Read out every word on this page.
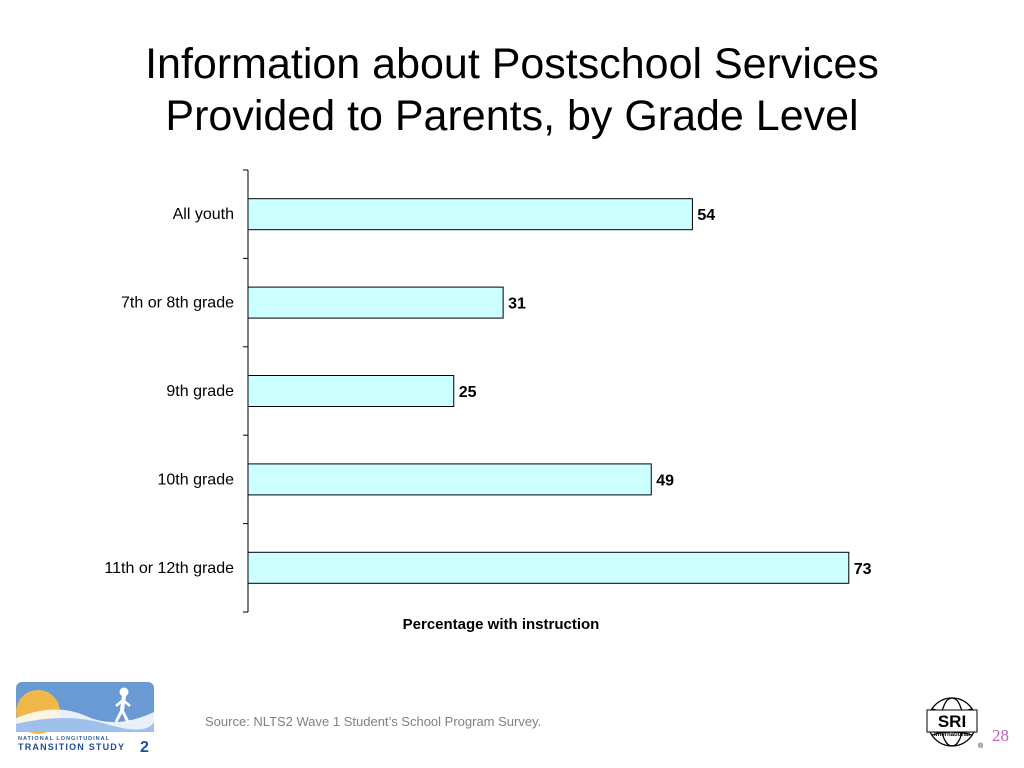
Information about Postschool Services
Provided to Parents, by Grade Level
All youth	54
7th or 8th grade	31
9th grade	25
10th grade	49
11th or 12th grade	73
Percentage with instruction
NATIONAL LONGITUDINAL
TRANSITION STUDY 2
Source: NLTS2 Wave 1 Student’s School Program Survey.	SRI
International
®
28
